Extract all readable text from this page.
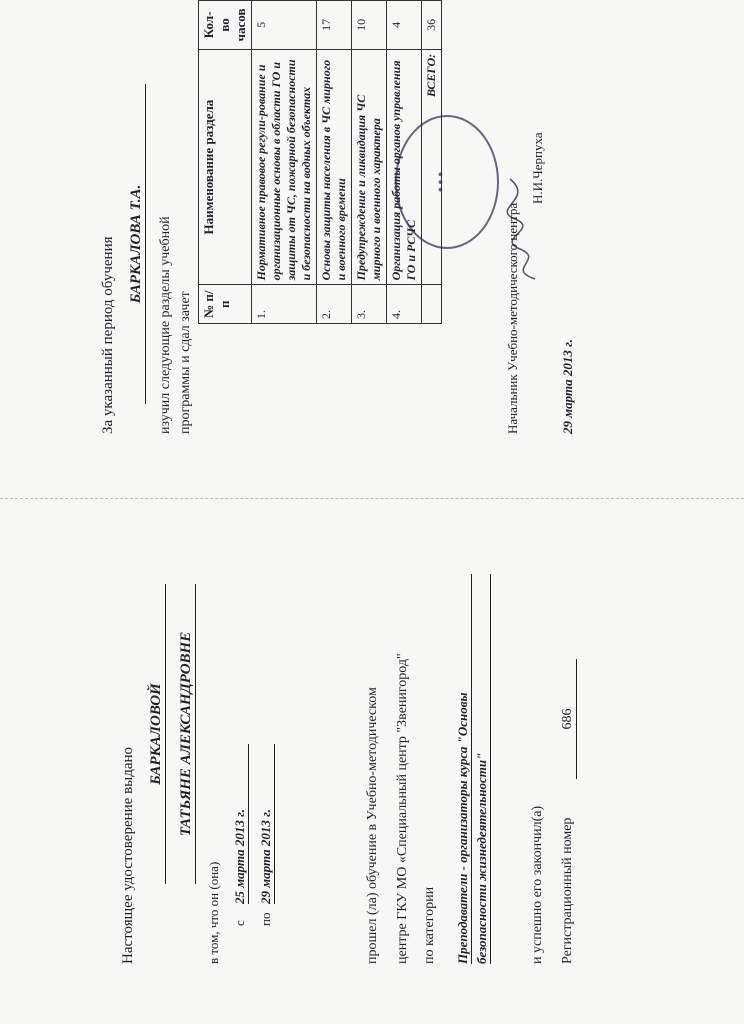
Настоящее удостоверение выдано
БАРКАЛОВОЙ ТАТЬЯНЕ АЛЕКСАНДРОВНЕ
в том, что он (она) с
25 марта 2013 г.
по
29 марта 2013 г.	прошел (ла) обучение в Учебно-методическом центре ГКУ МО «Специальный центр "Звенигород" по категории Преподаватели - организаторы курса "Основы безопасности жизнедеятельности"	и успешно его закончил(а) Регистрационный номер
686
За указанный период обучения БАРКАЛОВА Т.А. изучил следующие разделы учебной программы и сдал зачет № п/п	Наименование раздела	Кол-во часов
1.	Нормативное правовое регули-рование и организационные основы в области ГО и защиты от ЧС, пожарной безопасности и безопасности на водных объектах	5
2.	Основы защиты населения в ЧС мирного и военного времени	17
3.	Предупреждение и ликвидация ЧС мирного и военного характера	10
4.	Организация работы органов управления ГО и РСЧС	4
	ВСЕГО:	36
● ● ●
Начальник Учебно-методического центра
Н.И.Черпуха
29 марта 2013 г.
